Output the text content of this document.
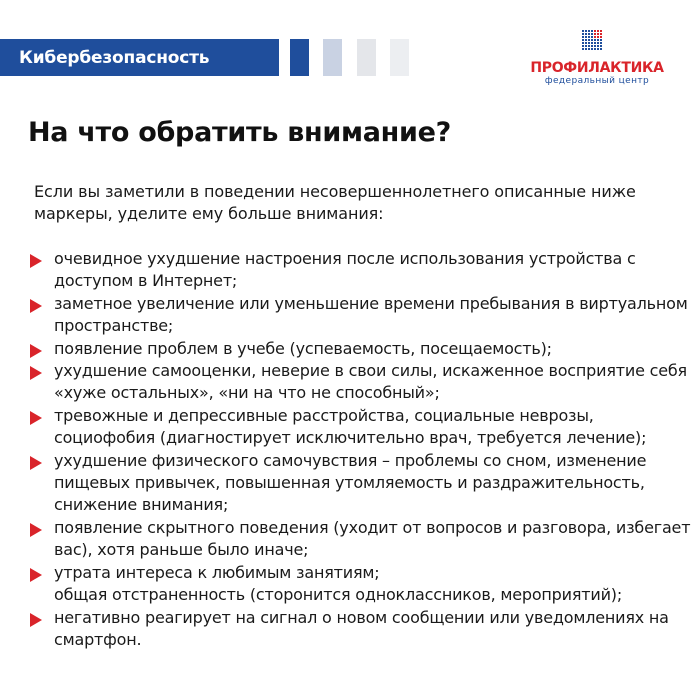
Кибербезопасность
ПРОФИЛАКТИКА
федеральный центр
На что обратить внимание?

Если вы заметили в поведении несовершеннолетнего описанные ниже маркеры, уделите ему больше внимания:

очевидное ухудшение настроения после использования устройства с доступом в Интернет;
заметное увеличение или уменьшение времени пребывания в виртуальном пространстве;
появление проблем в учебе (успеваемость, посещаемость);
ухудшение самооценки, неверие в свои силы, искаженное восприятие себя «хуже остальных», «ни на что не способный»;
тревожные и депрессивные расстройства, социальные неврозы, социофобия (диагностирует исключительно врач, требуется лечение);
ухудшение физического самочувствия – проблемы со сном, изменение пищевых привычек, повышенная утомляемость и раздражительность, снижение внимания;
появление скрытного поведения (уходит от вопросов и разговора, избегает вас), хотя раньше было иначе;
утрата интереса к любимым занятиям;
общая отстраненность (сторонится одноклассников, мероприятий);
негативно реагирует на сигнал о новом сообщении или уведомлениях на смартфон.
